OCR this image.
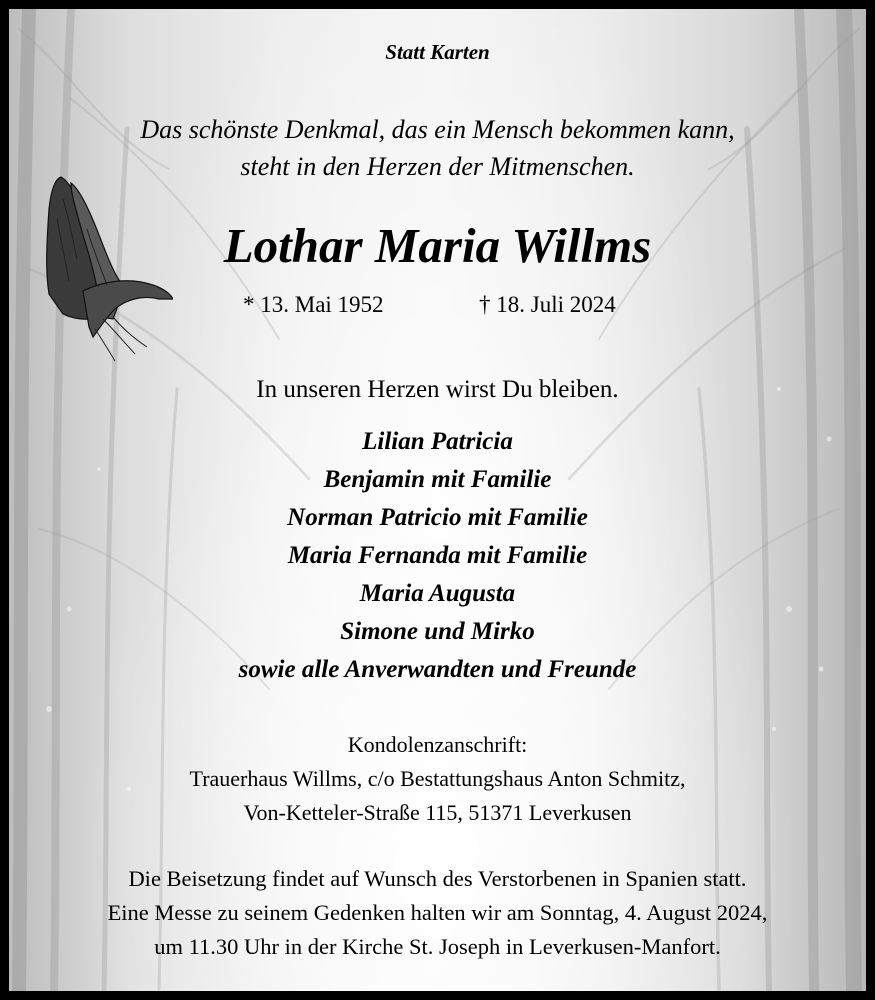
Statt Karten
Das schönste Denkmal, das ein Mensch bekommen kann,
steht in den Herzen der Mitmenschen.
Lothar Maria Willms
* 13. Mai 1952	† 18. Juli 2024
In unseren Herzen wirst Du bleiben.
Lilian Patricia
Benjamin mit Familie
Norman Patricio mit Familie
Maria Fernanda mit Familie
Maria Augusta
Simone und Mirko
sowie alle Anverwandten und Freunde
Kondolenzanschrift:
Trauerhaus Willms, c/o Bestattungshaus Anton Schmitz,
Von-Ketteler-Straße 115, 51371 Leverkusen
Die Beisetzung findet auf Wunsch des Verstorbenen in Spanien statt.
Eine Messe zu seinem Gedenken halten wir am Sonntag, 4. August 2024,
um 11.30 Uhr in der Kirche St. Joseph in Leverkusen-Manfort.
